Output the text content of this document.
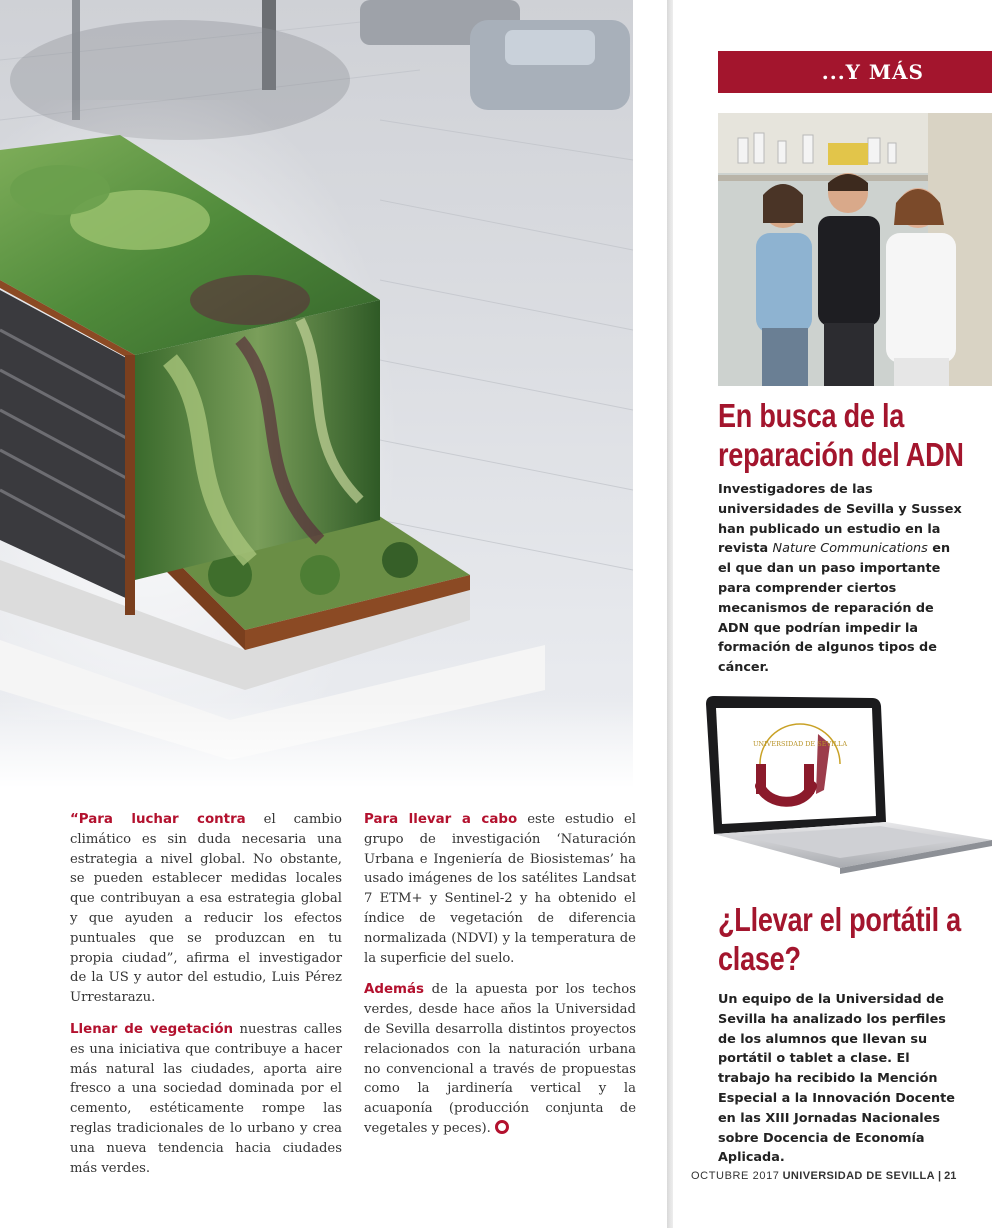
“Para luchar contra el cambio climático es sin duda necesaria una estrategia a nivel global. No obstante, se pueden establecer medidas locales que contribuyan a esa estrategia global y que ayuden a reducir los efectos puntuales que se produzcan en tu propia ciudad”, afirma el investigador de la US y autor del estudio, Luis Pérez Urrestarazu.

Llenar de vegetación nuestras calles es una iniciativa que contribuye a hacer más natural las ciudades, aporta aire fresco a una sociedad dominada por el cemento, estéticamente rompe las reglas tradicionales de lo urbano y crea una nueva tendencia hacia ciudades más verdes.

Para llevar a cabo este estudio el grupo de investigación ‘Naturación Urbana e Ingeniería de Biosistemas’ ha usado imágenes de los satélites Landsat 7 ETM+ y Sentinel-2 y ha obtenido el índice de vegetación de diferencia normalizada (NDVI) y la temperatura de la superficie del suelo.

Además de la apuesta por los techos verdes, desde hace años la Universidad de Sevilla desarrolla distintos proyectos relacionados con la naturación urbana no convencional a través de propuestas como la jardinería vertical y la acuaponía (producción conjunta de vegetales y peces).

...Y MÁS
En busca de la reparación del ADN

Investigadores de las universidades de Sevilla y Sussex han publicado un estudio en la revista Nature Communications en el que dan un paso importante para comprender ciertos mecanismos de reparación de ADN que podrían impedir la formación de algunos tipos de cáncer.

UNIVERSIDAD DE SEVILLA
¿Llevar el portátil a clase?

Un equipo de la Universidad de Sevilla ha analizado los perfiles de los alumnos que llevan su portátil o tablet a clase. El trabajo ha recibido la Mención Especial a la Innovación Docente en las XIII Jornadas Nacionales sobre Docencia de Economía Aplicada.

OCTUBRE 2017 UNIVERSIDAD DE SEVILLA | 21
